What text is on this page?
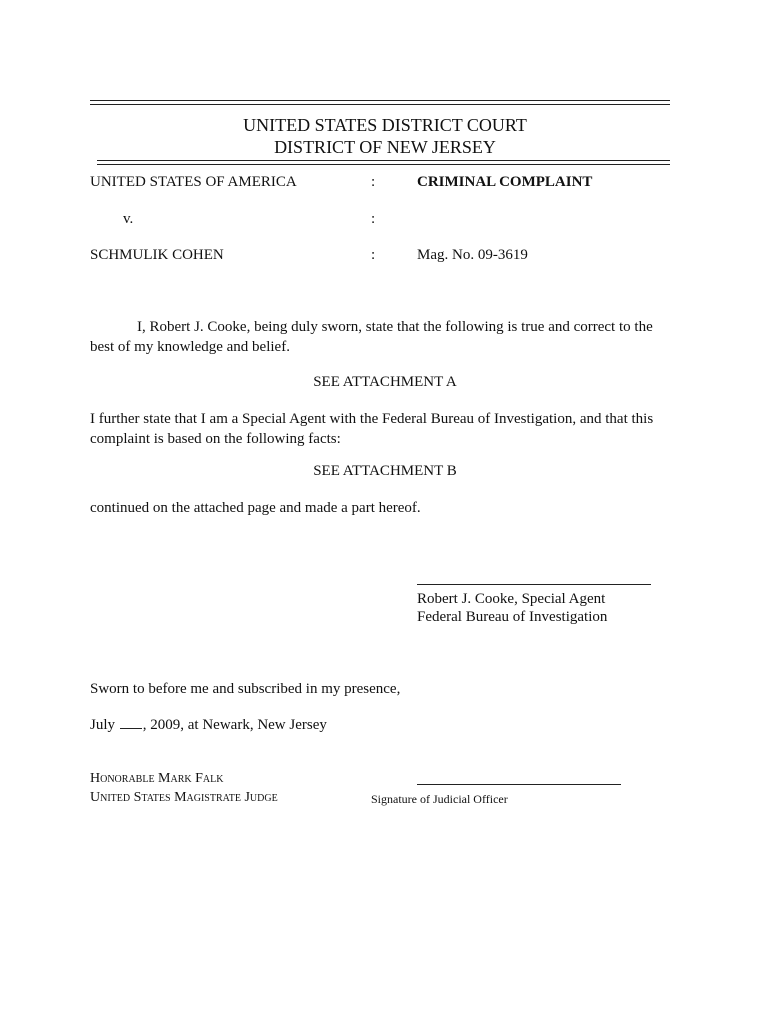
UNITED STATES DISTRICT COURT
DISTRICT OF NEW JERSEY
UNITED STATES OF AMERICA	:	CRIMINAL COMPLAINT
v.	:
SCHMULIK COHEN	:	Mag. No. 09-3619
I, Robert J. Cooke, being duly sworn, state that the following is true and correct to the best of my knowledge and belief.
SEE ATTACHMENT A
I further state that I am a Special Agent with the Federal Bureau of Investigation, and that this complaint is based on the following facts:
SEE ATTACHMENT B
continued on the attached page and made a part hereof.
Robert J. Cooke, Special Agent
Federal Bureau of Investigation
Sworn to before me and subscribed in my presence,
July , 2009, at Newark, New Jersey
Honorable Mark Falk
United States Magistrate Judge	Signature of Judicial Officer
